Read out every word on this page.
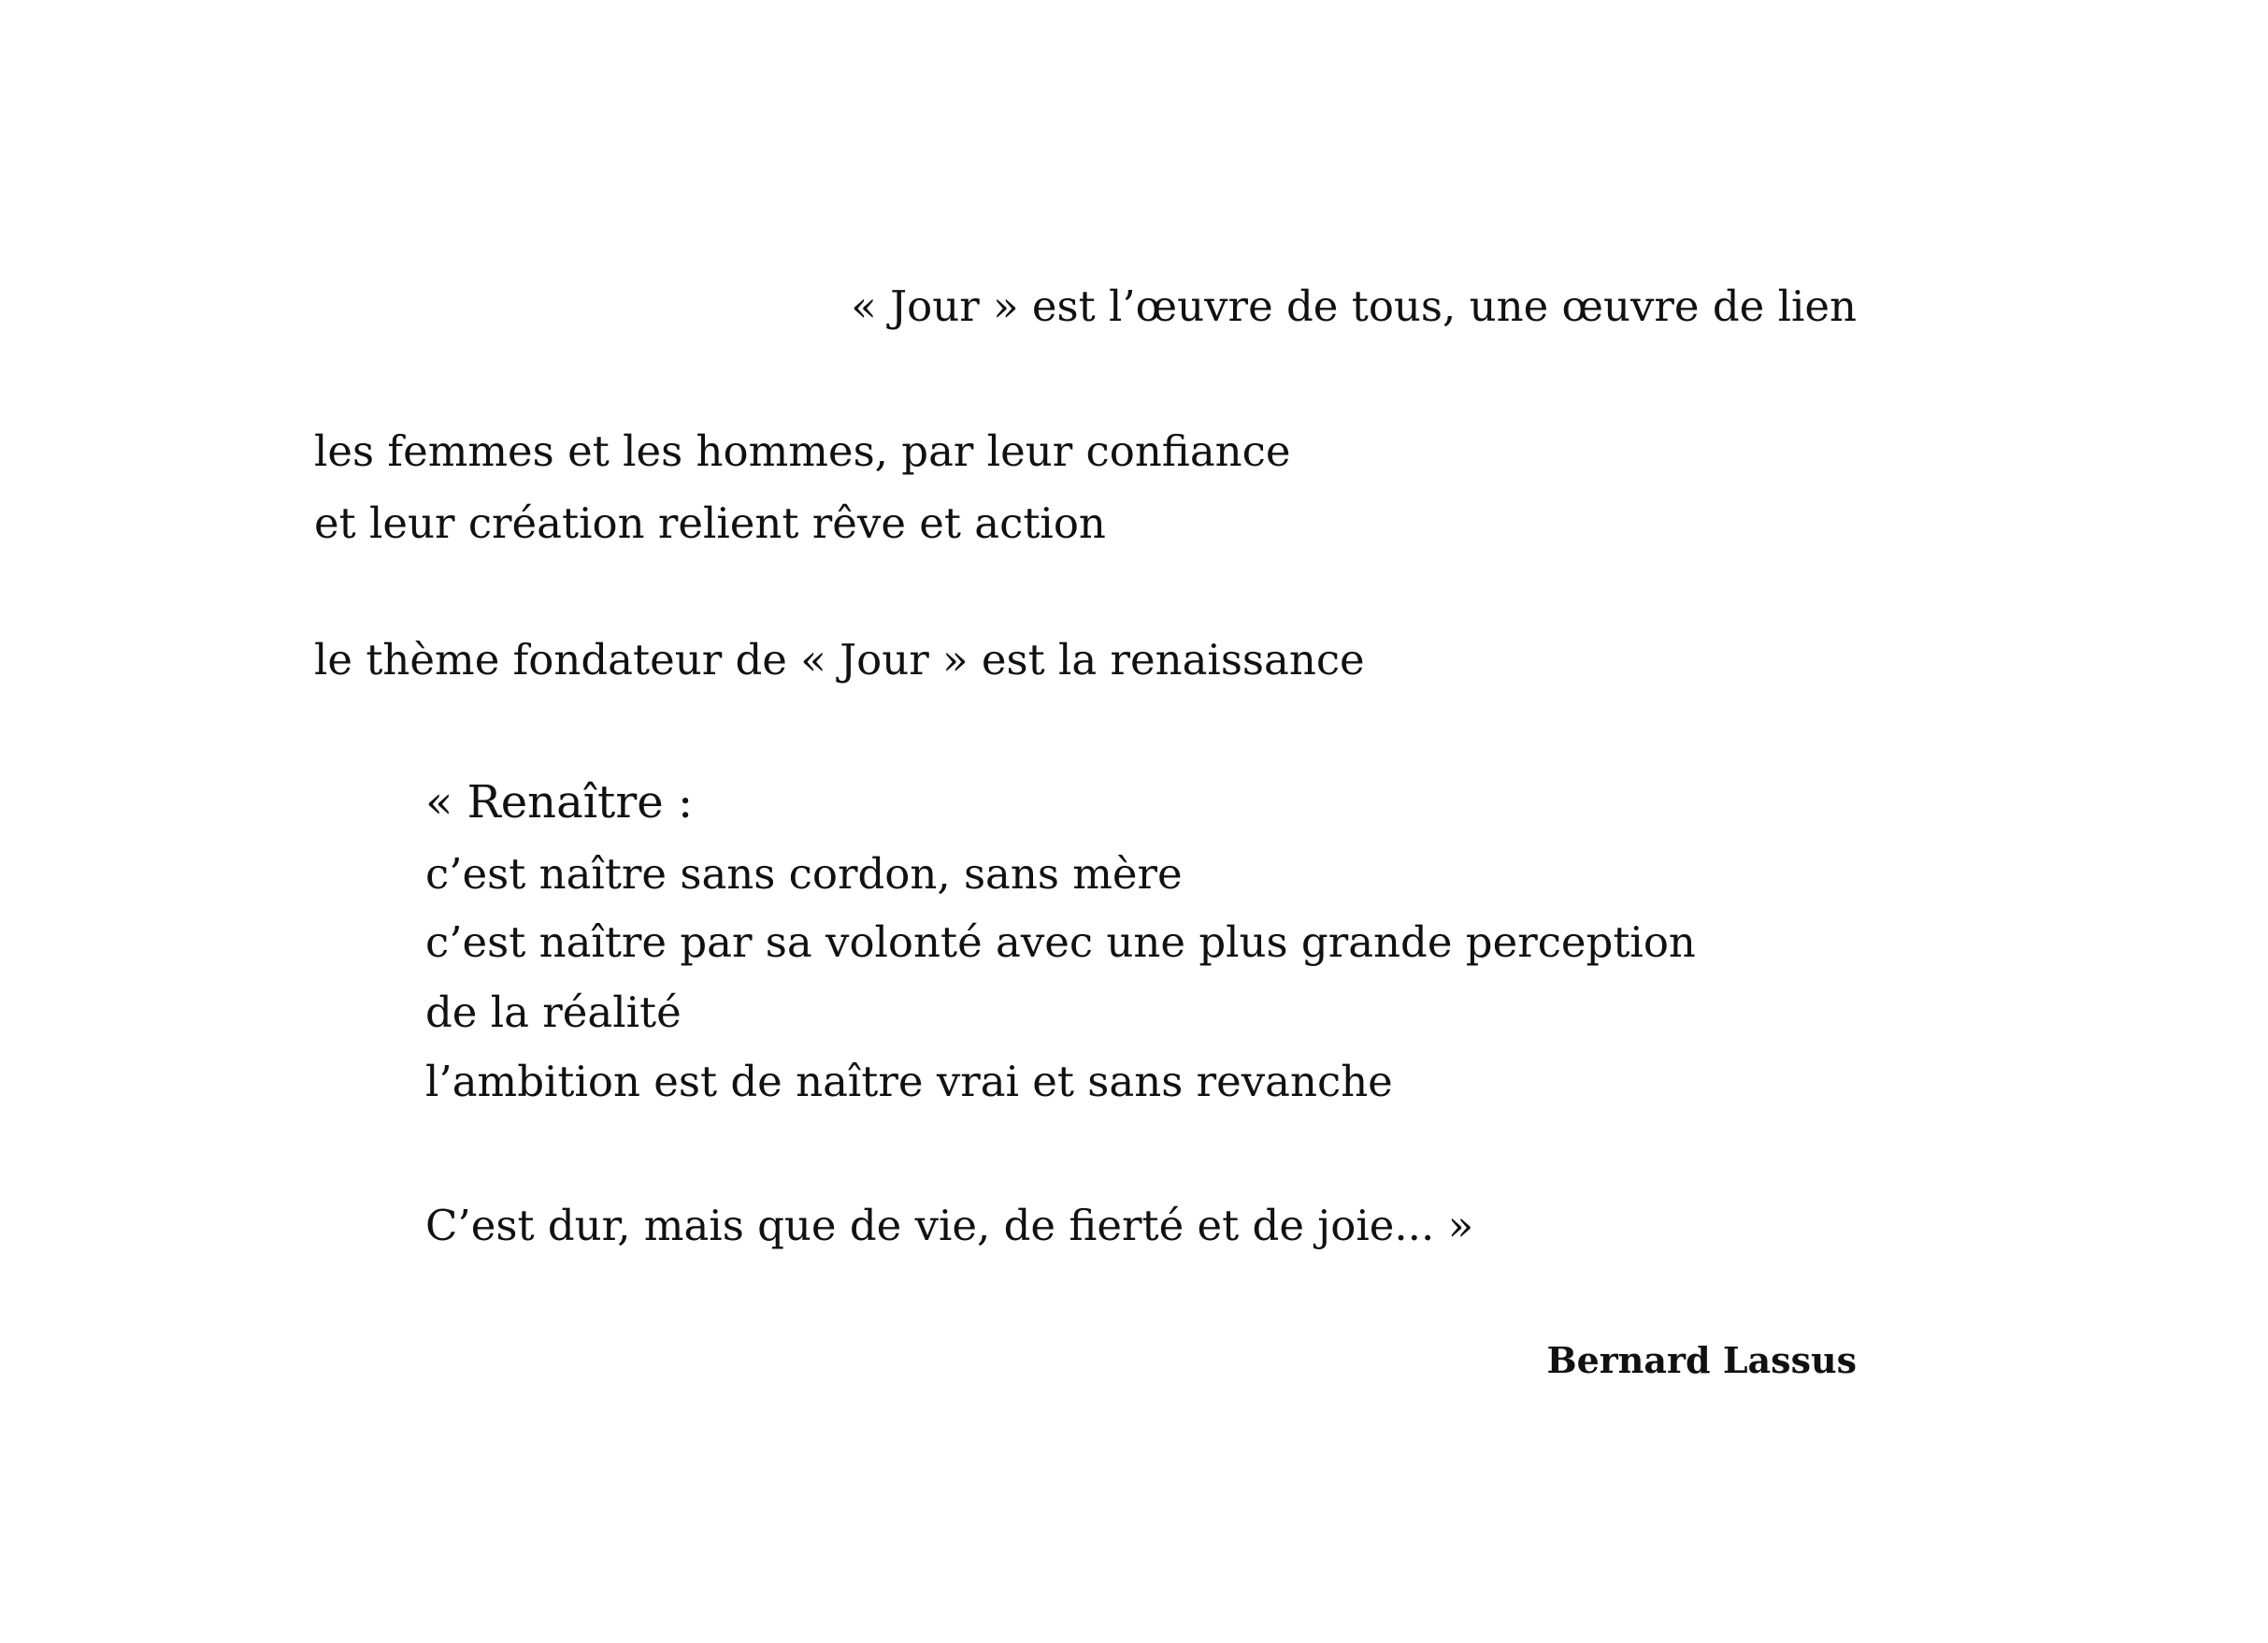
« Jour » est l’œuvre de tous, une œuvre de lien
les femmes et les hommes, par leur confiance
et leur création relient rêve et action
le thème fondateur de « Jour » est la renaissance
« Renaître :
c’est naître sans cordon, sans mère
c’est naître par sa volonté avec une plus grande perception
de la réalité
l’ambition est de naître vrai et sans revanche
C’est dur, mais que de vie, de fierté et de joie... »
Bernard Lassus
